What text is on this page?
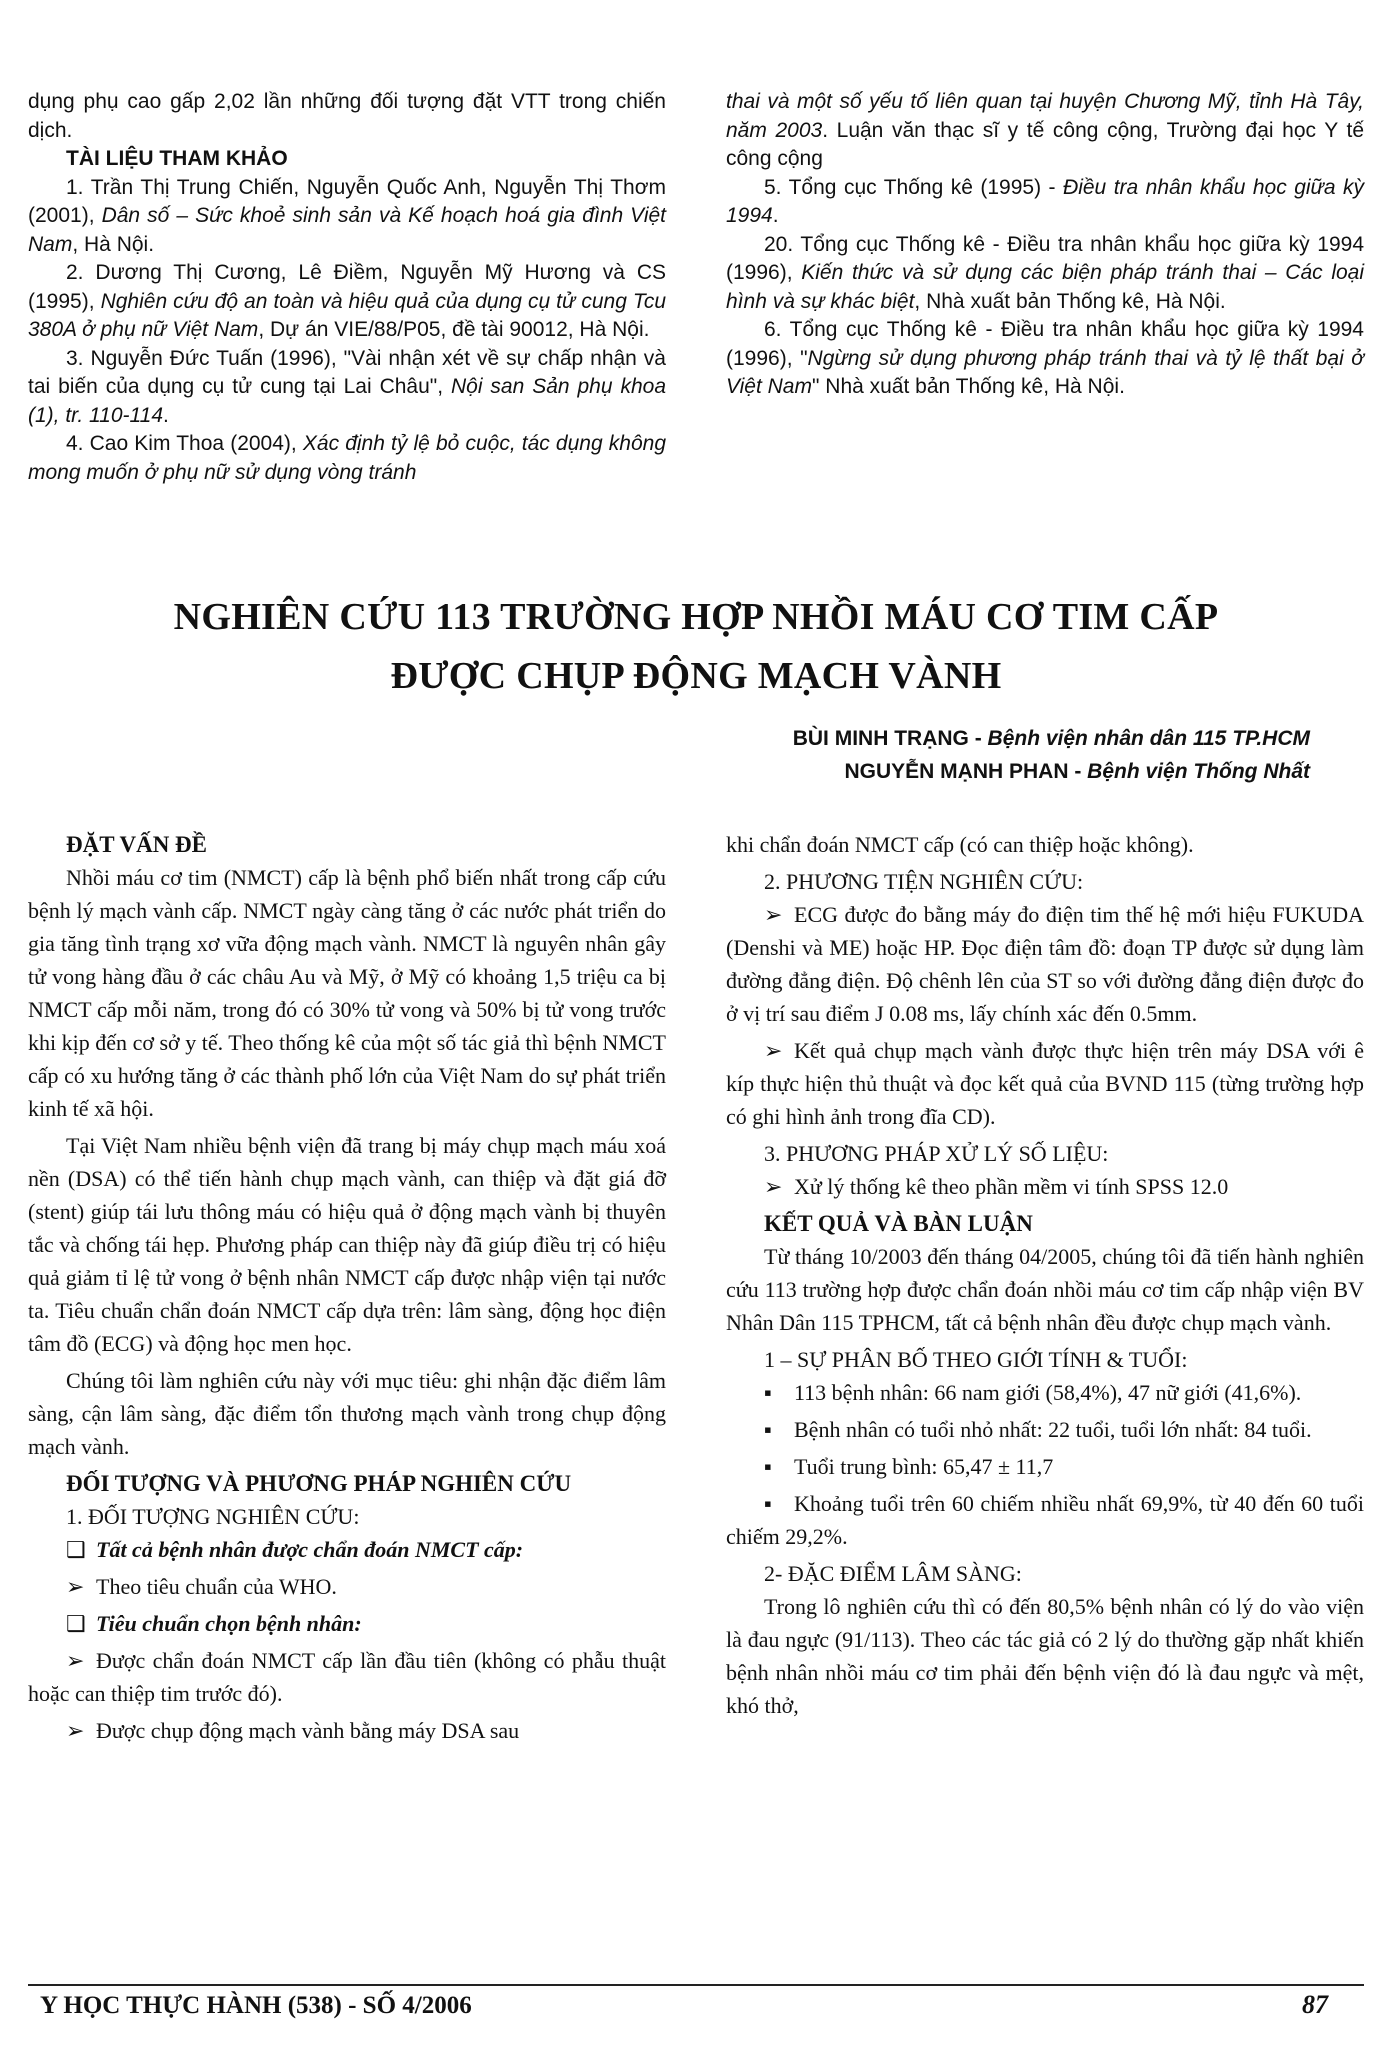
dụng phụ cao gấp 2,02 lần những đối tượng đặt VTT trong chiến dịch.

TÀI LIỆU THAM KHẢO

1. Trần Thị Trung Chiến, Nguyễn Quốc Anh, Nguyễn Thị Thơm (2001), Dân số – Sức khoẻ sinh sản và Kế hoạch hoá gia đình Việt Nam, Hà Nội.

2. Dương Thị Cương, Lê Điềm, Nguyễn Mỹ Hương và CS (1995), Nghiên cứu độ an toàn và hiệu quả của dụng cụ tử cung Tcu 380A ở phụ nữ Việt Nam, Dự án VIE/88/P05, đề tài 90012, Hà Nội.

3. Nguyễn Đức Tuấn (1996), "Vài nhận xét về sự chấp nhận và tai biến của dụng cụ tử cung tại Lai Châu", Nội san Sản phụ khoa (1), tr. 110-114.

4. Cao Kim Thoa (2004), Xác định tỷ lệ bỏ cuộc, tác dụng không mong muốn ở phụ nữ sử dụng vòng tránh

thai và một số yếu tố liên quan tại huyện Chương Mỹ, tỉnh Hà Tây, năm 2003. Luận văn thạc sĩ y tế công cộng, Trường đại học Y tế công cộng

5. Tổng cục Thống kê (1995) - Điều tra nhân khẩu học giữa kỳ 1994.

20. Tổng cục Thống kê - Điều tra nhân khẩu học giữa kỳ 1994 (1996), Kiến thức và sử dụng các biện pháp tránh thai – Các loại hình và sự khác biệt, Nhà xuất bản Thống kê, Hà Nội.

6. Tổng cục Thống kê - Điều tra nhân khẩu học giữa kỳ 1994 (1996), "Ngừng sử dụng phương pháp tránh thai và tỷ lệ thất bại ở Việt Nam" Nhà xuất bản Thống kê, Hà Nội.

NGHIÊN CỨU 113 TRƯỜNG HỢP NHỒI MÁU CƠ TIM CẤP
ĐƯỢC CHỤP ĐỘNG MẠCH VÀNH
BÙI MINH TRẠNG - Bệnh viện nhân dân 115 TP.HCM
NGUYỄN MẠNH PHAN - Bệnh viện Thống Nhất

ĐẶT VẤN ĐỀ

Nhồi máu cơ tim (NMCT) cấp là bệnh phổ biến nhất trong cấp cứu bệnh lý mạch vành cấp. NMCT ngày càng tăng ở các nước phát triển do gia tăng tình trạng xơ vữa động mạch vành. NMCT là nguyên nhân gây tử vong hàng đầu ở các châu Au và Mỹ, ở Mỹ có khoảng 1,5 triệu ca bị NMCT cấp mỗi năm, trong đó có 30% tử vong và 50% bị tử vong trước khi kịp đến cơ sở y tế. Theo thống kê của một số tác giả thì bệnh NMCT cấp có xu hướng tăng ở các thành phố lớn của Việt Nam do sự phát triển kinh tế xã hội.

Tại Việt Nam nhiều bệnh viện đã trang bị máy chụp mạch máu xoá nền (DSA) có thể tiến hành chụp mạch vành, can thiệp và đặt giá đỡ (stent) giúp tái lưu thông máu có hiệu quả ở động mạch vành bị thuyên tắc và chống tái hẹp. Phương pháp can thiệp này đã giúp điều trị có hiệu quả giảm tỉ lệ tử vong ở bệnh nhân NMCT cấp được nhập viện tại nước ta. Tiêu chuẩn chẩn đoán NMCT cấp dựa trên: lâm sàng, động học điện tâm đồ (ECG) và động học men học.

Chúng tôi làm nghiên cứu này với mục tiêu: ghi nhận đặc điểm lâm sàng, cận lâm sàng, đặc điểm tổn thương mạch vành trong chụp động mạch vành.

ĐỐI TƯỢNG VÀ PHƯƠNG PHÁP NGHIÊN CỨU

1. ĐỐI TƯỢNG NGHIÊN CỨU:

❑ Tất cả bệnh nhân được chẩn đoán NMCT cấp:

➢ Theo tiêu chuẩn của WHO.

❑ Tiêu chuẩn chọn bệnh nhân:

➢ Được chẩn đoán NMCT cấp lần đầu tiên (không có phẫu thuật hoặc can thiệp tim trước đó).

➢ Được chụp động mạch vành bằng máy DSA sau

khi chẩn đoán NMCT cấp (có can thiệp hoặc không).

2. PHƯƠNG TIỆN NGHIÊN CỨU:

➢ ECG được đo bằng máy đo điện tim thế hệ mới hiệu FUKUDA (Denshi và ME) hoặc HP. Đọc điện tâm đồ: đoạn TP được sử dụng làm đường đẳng điện. Độ chênh lên của ST so với đường đẳng điện được đo ở vị trí sau điểm J 0.08 ms, lấy chính xác đến 0.5mm.

➢ Kết quả chụp mạch vành được thực hiện trên máy DSA với ê kíp thực hiện thủ thuật và đọc kết quả của BVND 115 (từng trường hợp có ghi hình ảnh trong đĩa CD).

3. PHƯƠNG PHÁP XỬ LÝ SỐ LIỆU:

➢ Xử lý thống kê theo phần mềm vi tính SPSS 12.0

KẾT QUẢ VÀ BÀN LUẬN

Từ tháng 10/2003 đến tháng 04/2005, chúng tôi đã tiến hành nghiên cứu 113 trường hợp được chẩn đoán nhồi máu cơ tim cấp nhập viện BV Nhân Dân 115 TPHCM, tất cả bệnh nhân đều được chụp mạch vành.

1 – SỰ PHÂN BỐ THEO GIỚI TÍNH & TUỔI:

▪ 113 bệnh nhân: 66 nam giới (58,4%), 47 nữ giới (41,6%).

▪ Bệnh nhân có tuổi nhỏ nhất: 22 tuổi, tuổi lớn nhất: 84 tuổi.

▪ Tuổi trung bình: 65,47 ± 11,7

▪ Khoảng tuổi trên 60 chiếm nhiều nhất 69,9%, từ 40 đến 60 tuổi chiếm 29,2%.

2- ĐẶC ĐIỂM LÂM SÀNG:

Trong lô nghiên cứu thì có đến 80,5% bệnh nhân có lý do vào viện là đau ngực (91/113). Theo các tác giả có 2 lý do thường gặp nhất khiến bệnh nhân nhồi máu cơ tim phải đến bệnh viện đó là đau ngực và mệt, khó thở,

Y HỌC THỰC HÀNH (538) - SỐ 4/2006	87
